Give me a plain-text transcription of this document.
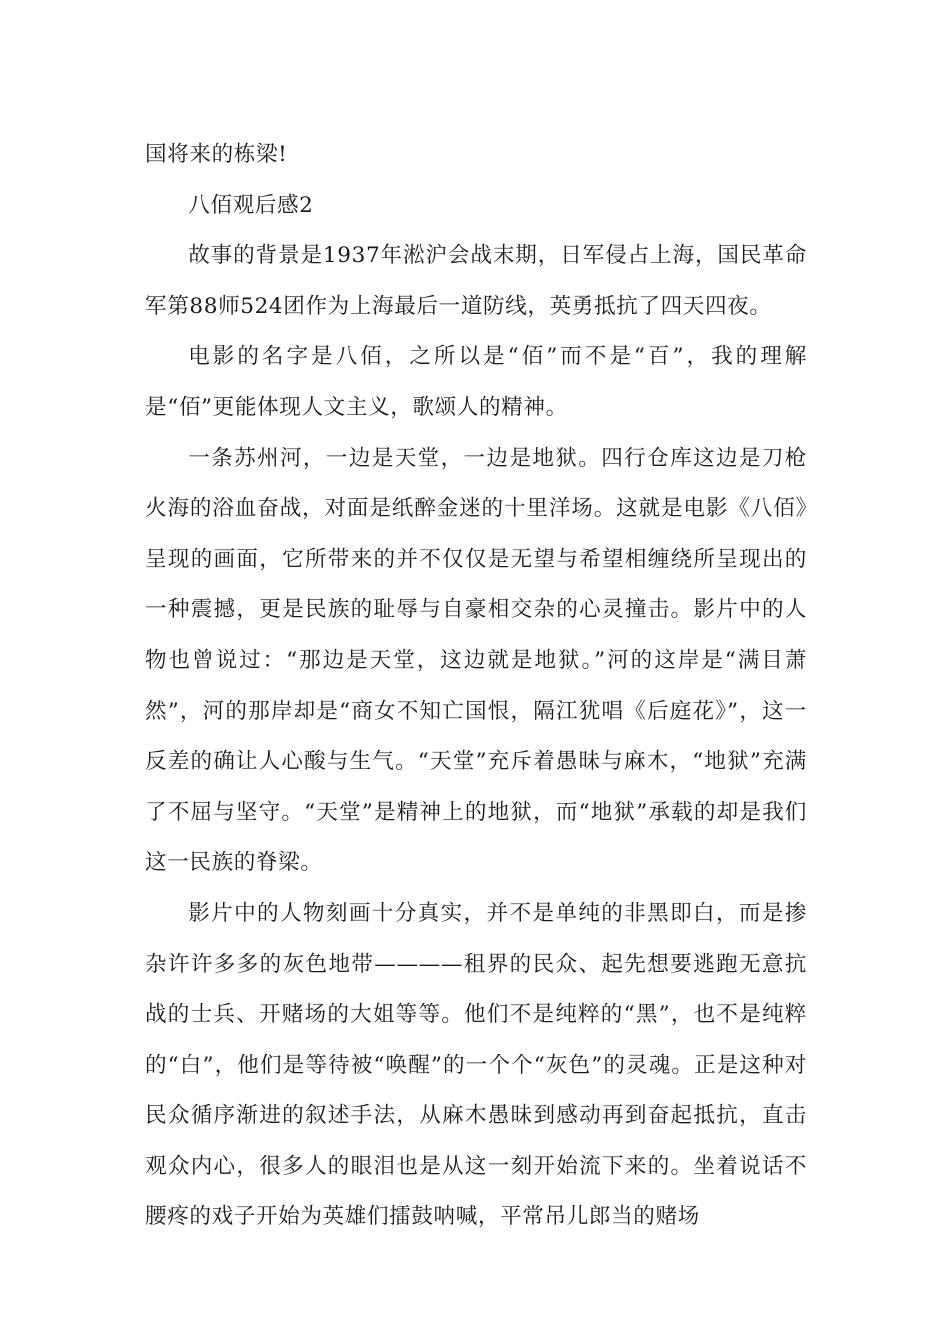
国将来的栋梁!

八佰观后感2

故事的背景是1937年淞沪会战末期，日军侵占上海，国民革命军第88师524团作为上海最后一道防线，英勇抵抗了四天四夜。

电影的名字是八佰，之所以是“佰”而不是“百”，我的理解是“佰”更能体现人文主义，歌颂人的精神。

一条苏州河，一边是天堂，一边是地狱。四行仓库这边是刀枪火海的浴血奋战，对面是纸醉金迷的十里洋场。这就是电影《八佰》呈现的画面，它所带来的并不仅仅是无望与希望相缠绕所呈现出的一种震撼，更是民族的耻辱与自豪相交杂的心灵撞击。影片中的人物也曾说过：“那边是天堂，这边就是地狱。”河的这岸是“满目萧然”，河的那岸却是“商女不知亡国恨，隔江犹唱《后庭花》”，这一反差的确让人心酸与生气。“天堂”充斥着愚昧与麻木，“地狱”充满了不屈与坚守。“天堂”是精神上的地狱，而“地狱”承载的却是我们这一民族的脊梁。

影片中的人物刻画十分真实，并不是单纯的非黑即白，而是掺杂许许多多的灰色地带————租界的民众、起先想要逃跑无意抗战的士兵、开赌场的大姐等等。他们不是纯粹的“黑”，也不是纯粹的“白”，他们是等待被“唤醒”的一个个“灰色”的灵魂。正是这种对民众循序渐进的叙述手法，从麻木愚昧到感动再到奋起抵抗，直击观众内心，很多人的眼泪也是从这一刻开始流下来的。坐着说话不腰疼的戏子开始为英雄们擂鼓呐喊，平常吊儿郎当的赌场
